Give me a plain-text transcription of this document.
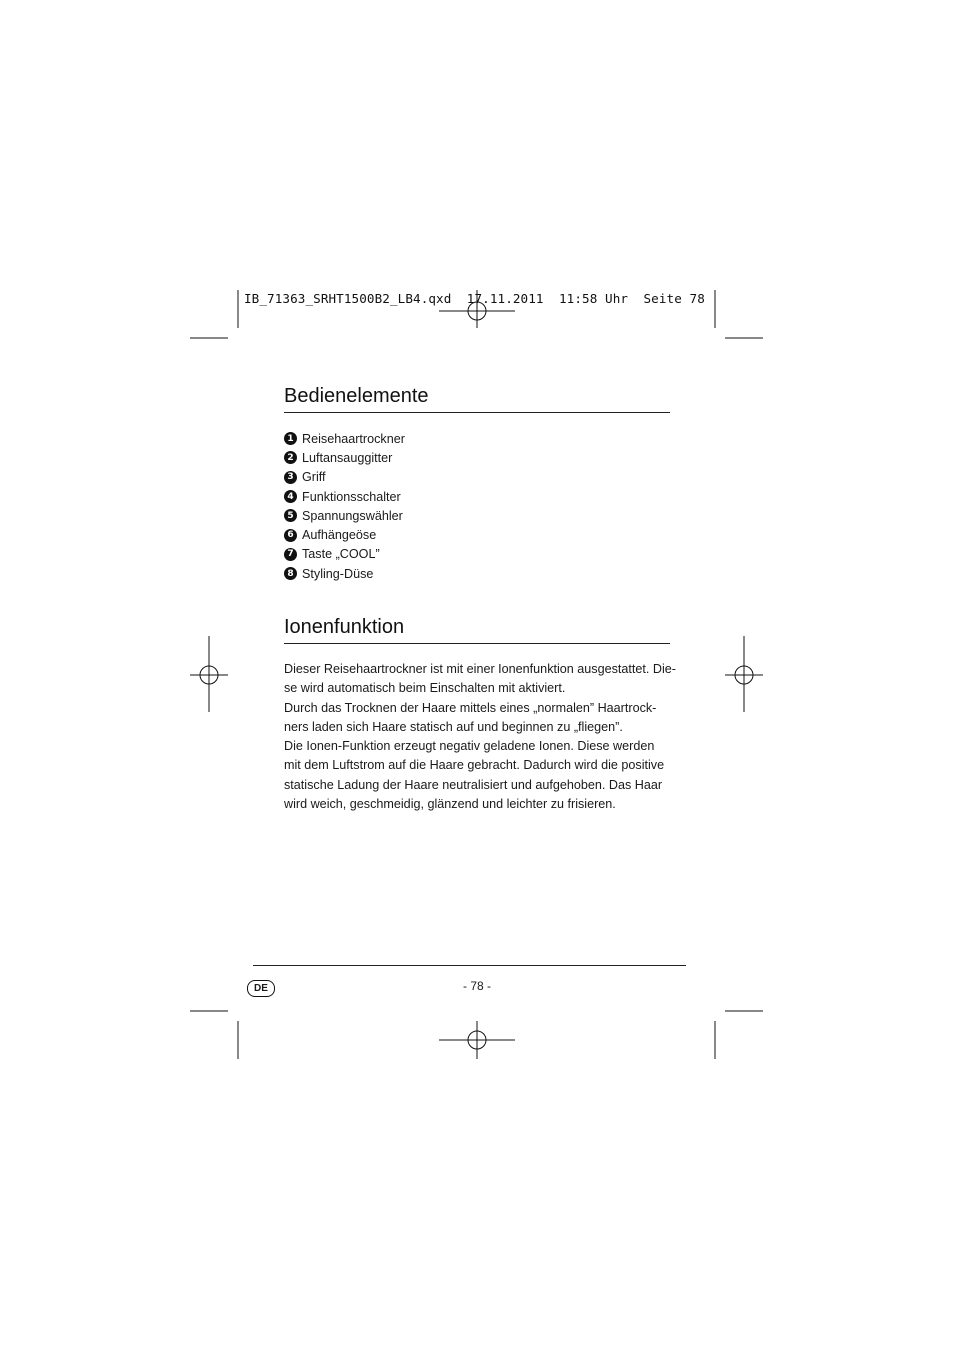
IB_71363_SRHT1500B2_LB4.qxd  17.11.2011  11:58 Uhr  Seite 78
Bedienelemente
1 Reisehaartrockner
2 Luftansauggitter
3 Griff
4 Funktionsschalter
5 Spannungswähler
6 Aufhängeöse
7 Taste „COOL”
8 Styling-Düse
Ionenfunktion

Dieser Reisehaartrockner ist mit einer Ionenfunktion ausgestattet. Die-
se wird automatisch beim Einschalten mit aktiviert.
Durch das Trocknen der Haare mittels eines „normalen” Haartrock-
ners laden sich Haare statisch auf und beginnen zu „fliegen”.
Die Ionen-Funktion erzeugt negativ geladene Ionen. Diese werden
mit dem Luftstrom auf die Haare gebracht. Dadurch wird die positive
statische Ladung der Haare neutralisiert und aufgehoben. Das Haar
wird weich, geschmeidig, glänzend und leichter zu frisieren.

DE	- 78 -
